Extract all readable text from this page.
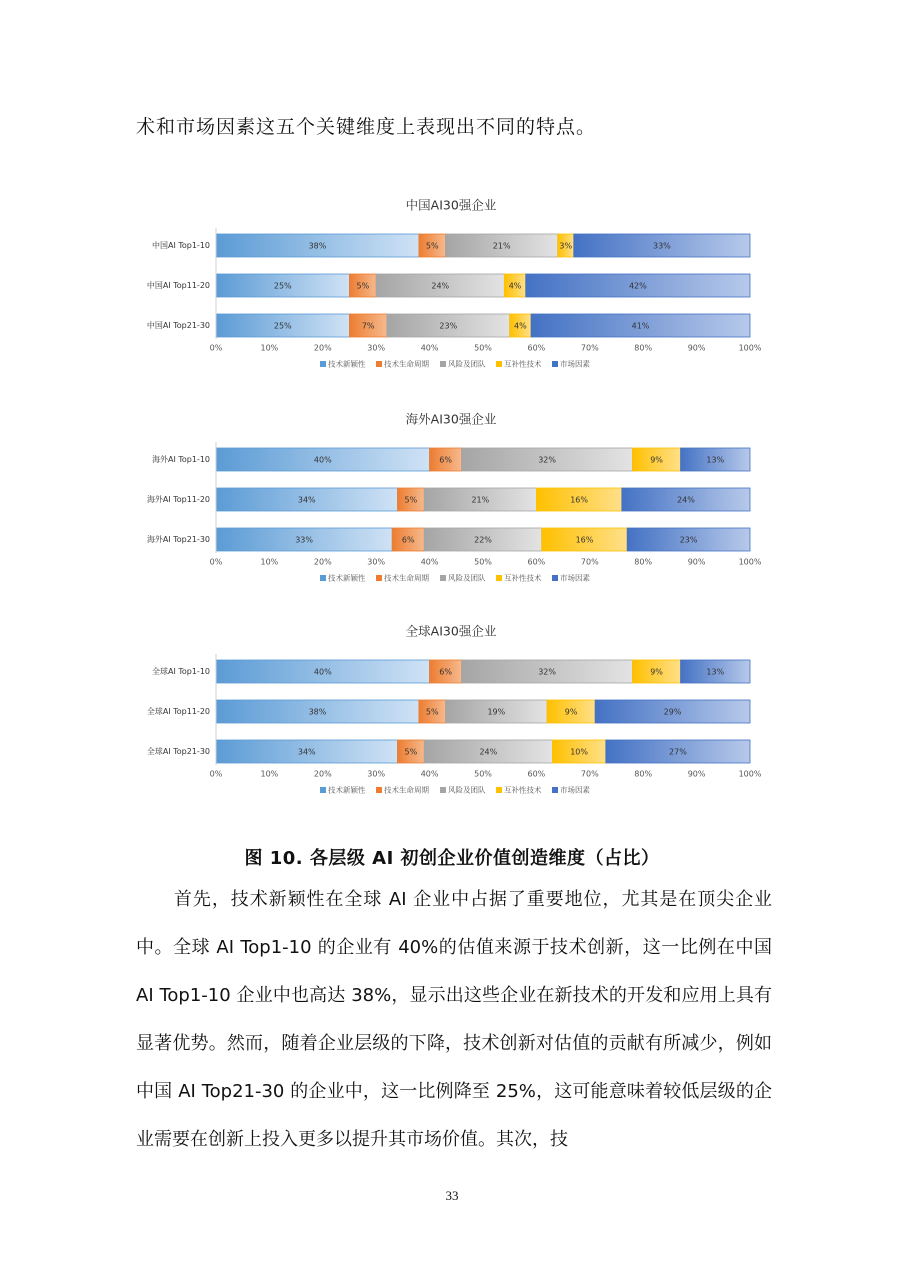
术和市场因素这五个关键维度上表现出不同的特点。
中国AI30强企业
中国AI Top1-10	38%	5%	21%	3%	33%
中国AI Top11-20	25%	5%	24%	4%	42%
中国AI Top21-30	25%	7%	23%	4%	41%
0%	10%	20%	30%	40%	50%	60%	70%	80%	90%	100%
技术新颖性 技术生命周期	风险及团队 互补性技术 市场因素
海外AI30强企业
海外AI Top1-10	40%	6%	32%	9%	13%
海外AI Top11-20	34%	5%	21%	16%	24%
海外AI Top21-30	33%	6%	22%	16%	23%
0%	10%	20%	30%	40%	50%	60%	70%	80%	90%	100%
技术新颖性 技术生命周期	风险及团队 互补性技术 市场因素
全球AI30强企业
全球AI Top1-10	40%	6%	32%	9%	13%
全球AI Top11-20	38%	5%	19%	9%	29%
全球AI Top21-30	34%	5%	24%	10%	27%
0%	10%	20%	30%	40%	50%	60%	70%	80%	90%	100%
技术新颖性 技术生命周期	风险及团队 互补性技术 市场因素
图 10. 各层级 AI 初创企业价值创造维度（占比）
首先，技术新颖性在全球 AI 企业中占据了重要地位，尤其是在顶尖企业中。全球 AI Top1-10 的企业有 40%的估值来源于技术创新，这一比例在中国 AI Top1-10 企业中也高达 38%，显示出这些企业在新技术的开发和应用上具有显著优势。然而，随着企业层级的下降，技术创新对估值的贡献有所减少，例如中国 AI Top21-30 的企业中，这一比例降至 25%，这可能意味着较低层级的企业需要在创新上投入更多以提升其市场价值。其次，技
33
